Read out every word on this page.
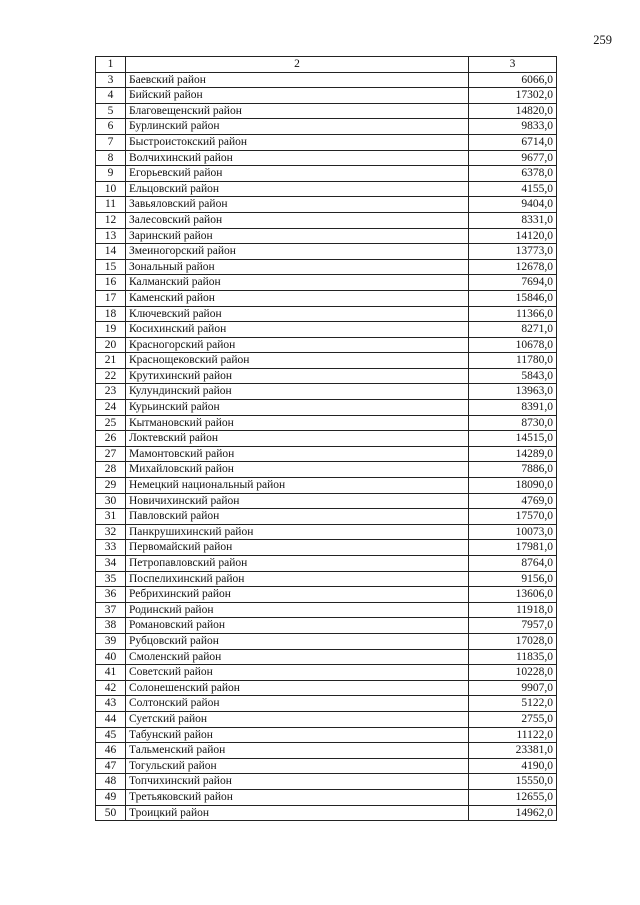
259
1	2	3
3	Баевский район	6066,0
4	Бийский район	17302,0
5	Благовещенский район	14820,0
6	Бурлинский район	9833,0
7	Быстроистокский район	6714,0
8	Волчихинский район	9677,0
9	Егорьевский район	6378,0
10	Ельцовский район	4155,0
11	Завьяловский район	9404,0
12	Залесовский район	8331,0
13	Заринский район	14120,0
14	Змеиногорский район	13773,0
15	Зональный район	12678,0
16	Калманский район	7694,0
17	Каменский район	15846,0
18	Ключевский район	11366,0
19	Косихинский район	8271,0
20	Красногорский район	10678,0
21	Краснощековский район	11780,0
22	Крутихинский район	5843,0
23	Кулундинский район	13963,0
24	Курьинский район	8391,0
25	Кытмановский район	8730,0
26	Локтевский район	14515,0
27	Мамонтовский район	14289,0
28	Михайловский район	7886,0
29	Немецкий национальный район	18090,0
30	Новичихинский район	4769,0
31	Павловский район	17570,0
32	Панкрушихинский район	10073,0
33	Первомайский район	17981,0
34	Петропавловский район	8764,0
35	Поспелихинский район	9156,0
36	Ребрихинский район	13606,0
37	Родинский район	11918,0
38	Романовский район	7957,0
39	Рубцовский район	17028,0
40	Смоленский район	11835,0
41	Советский район	10228,0
42	Солонешенский район	9907,0
43	Солтонский район	5122,0
44	Суетский район	2755,0
45	Табунский район	11122,0
46	Тальменский район	23381,0
47	Тогульский район	4190,0
48	Топчихинский район	15550,0
49	Третьяковский район	12655,0
50	Троицкий район	14962,0
